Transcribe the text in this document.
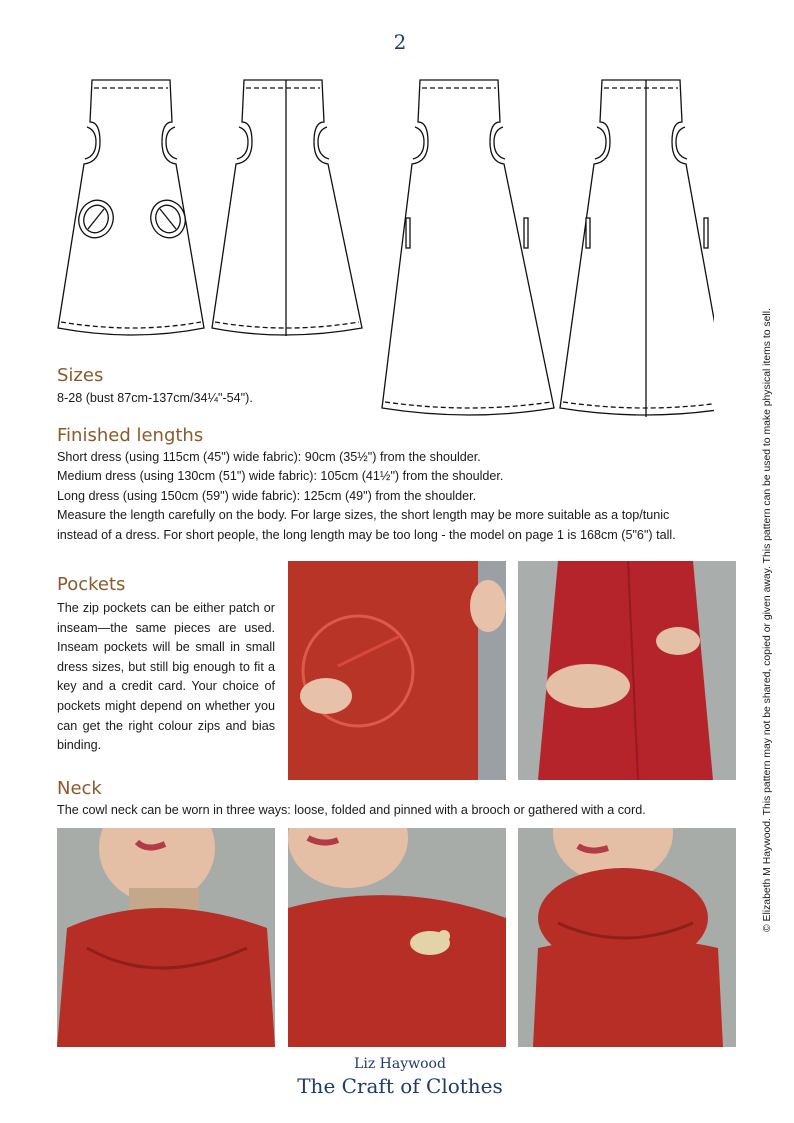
2
Sizes
8-28 (bust 87cm-137cm/34¼"-54").
Finished lengths
Short dress (using 115cm (45") wide fabric): 90cm (35½") from the shoulder.
Medium dress (using 130cm (51") wide fabric): 105cm (41½") from the shoulder.
Long dress (using 150cm (59") wide fabric): 125cm (49") from the shoulder.
Measure the length carefully on the body. For large sizes, the short length may be more suitable as a top/tunic
instead of a dress. For short people, the long length may be too long - the model on page 1 is 168cm (5"6") tall.
Pockets
The zip pockets can be either patch or inseam—the same pieces are used. Inseam pockets will be small in small dress sizes, but still big enough to fit a key and a credit card. Your choice of pockets might depend on whether you can get the right colour zips and bias binding.
Neck
The cowl neck can be worn in three ways: loose, folded and pinned with a brooch or gathered with a cord.	© Elizabeth M Haywood. This pattern may not be shared, copied or given away. This pattern can be used to make physical items to sell.
Liz Haywood
The Craft of Clothes
